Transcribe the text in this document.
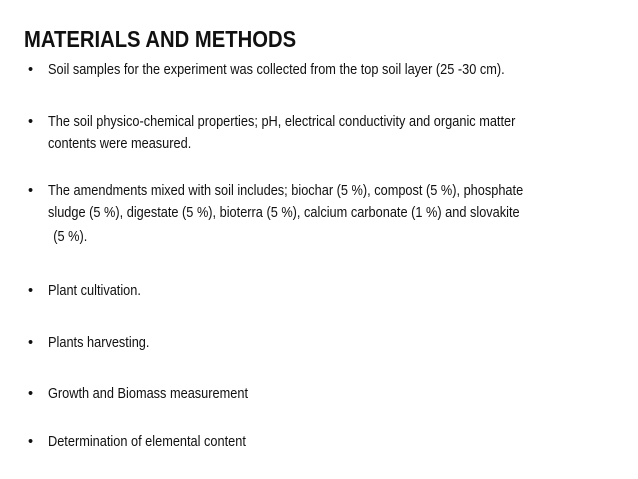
MATERIALS AND METHODS
• Soil samples for the experiment was collected from the top soil layer (25 -30 cm).
• The soil physico-chemical properties; pH, electrical conductivity and organic matter
contents were measured.
• The amendments mixed with soil includes; biochar (5 %), compost (5 %), phosphate
sludge (5 %), digestate (5 %), bioterra (5 %), calcium carbonate (1 %) and slovakite
(5 %).
• Plant cultivation.
• Plants harvesting.
• Growth and Biomass measurement
• Determination of elemental content
